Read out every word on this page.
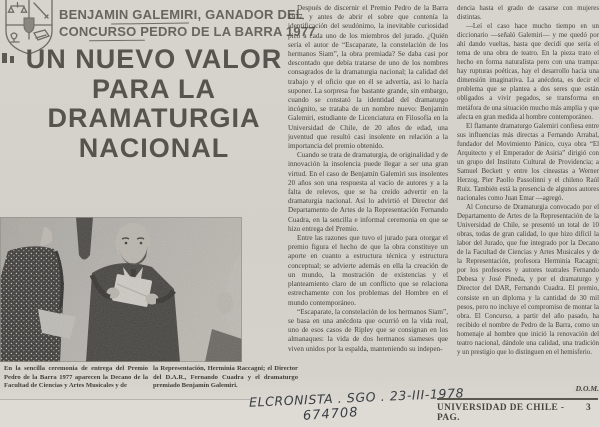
BENJAMIN GALEMIRI, GANADOR DEL
CONCURSO PEDRO DE LA BARRA 1977
UN NUEVO VALOR
PARA LA
DRAMATURGIA
NACIONAL

Después de discernir el Premio Pedro de la Barra 1977, y antes de abrir el sobre que contenía la identificación del seudónimo, la inevitable curiosidad picó a cada uno de los miembros del jurado. ¿Quién sería el autor de “Escaparate, la constelación de los hermanos Siam”, la obra premiada? Se daba casi por descontado que debía tratarse de uno de los nombres consagrados de la dramaturgia nacional; la calidad del trabajo y el oficio que en él se advertía, así lo hacía suponer. La sorpresa fue bastante grande, sin embargo, cuando se constató la identidad del dramaturgo incógnito, se trataba de un nombre nuevo: Benjamín Galemiri, estudiante de Licenciatura en Filosofía en la Universidad de Chile, de 20 años de edad, una juventud que resultó casi insolente en relación a la importancia del premio obtenido.

Cuando se trata de dramaturgia, de originalidad y de innovación la insolencia puede llegar a ser una gran virtud. En el caso de Benjamín Galemiri sus insolentes 20 años son una respuesta al vacío de autores y a la falta de relevos, que se ha creído advertir en la dramaturgia nacional. Así lo advirtió el Director del Departamento de Artes de la Representación Fernando Cuadra, en la sencilla e informal ceremonia en que se hizo entrega del Premio.

Entre las razones que tuvo el jurado para otorgar el premio figura el hecho de que la obra constituye un aporte en cuanto a estructura técnica y estructura conceptual; se advierte además en ella la creación de un mundo, la mostración de existencias y el planteamiento claro de un conflicto que se relaciona estrechamente con los problemas del Hombre en el mundo contemporáneo.

“Escaparate, la constelación de los hermanos Siam”, se basa en una anécdota que ocurrió en la vida real, uno de esos casos de Ripley que se consignan en los almanaques: la vida de dos hermanos siameses que viven unidos por la espalda, manteniendo su indepen-

dencia hasta el grado de casarse con mujeres distintas.

—Leí el caso hace mucho tiempo en un diccionario —señaló Galemiri— y me quedó por ahí dando vueltas, hasta que decidí que sería el tema de una obra de teatro. En la pieza trato el hecho en forma naturalista pero con una trampa: hay rupturas poéticas, hay el desarrollo hacia una dimensión imaginativa. La anécdota, es decir el problema que se plantea a dos seres que están obligados a vivir pegados, se transforma en metáfora de una situación mucho más amplia y que afecta en gran medida al hombre contemporáneo.

El flamante dramaturgo Galemiri confiesa entre sus influencias más directas a Fernando Arrabal, fundador del Movimiento Pánico, cuya obra “El Arquitecto y el Emperador de Asiria” dirigió con un grupo del Instituto Cultural de Providencia; a Samuel Beckett y entre los cineastas a Werner Herzog, Pier Paollo Passolinni y el chileno Raúl Ruiz. También está la presencia de algunos autores nacionales como Juan Emar —agregó.

Al Concurso de Dramaturgia convocado por el Departamento de Artes de la Representación de la Universidad de Chile, se presentó un total de 10 obras, todas de gran calidad, lo que hizo difícil la labor del Jurado, que fue integrado por la Decano de la Facultad de Ciencias y Artes Musicales y de la Representación, profesora Herminia Racagni; por los profesores y autores teatrales Fernando Debesa y José Pineda, y por el dramaturgo y Director del DAR, Fernando Cuadra. El premio, consiste en un diploma y la cantidad de 30 mil pesos, pero no incluye el compromiso de montar la obra. El Concurso, a partir del año pasado, ha recibido el nombre de Pedro de la Barra, como un homenaje al hombre que inició la renovación del teatro nacional, dándole una calidad, una tradición y un prestigio que lo distinguen en el hemisferio.

D.O.M.
En la sencilla ceremonia de entrega del Premio Pedro de la Barra 1977 aparecen la Decano de la Facultad de Ciencias y Artes Musicales y de
la Representación, Herminia Raccagni; el Director del D.A.R., Fernando Cuadra y el dramaturgo premiado Benjamín Galemiri. ELCRONISTA . SGO . 23-III-1978
674708	UNIVERSIDAD DE CHILE - PAG.
3
